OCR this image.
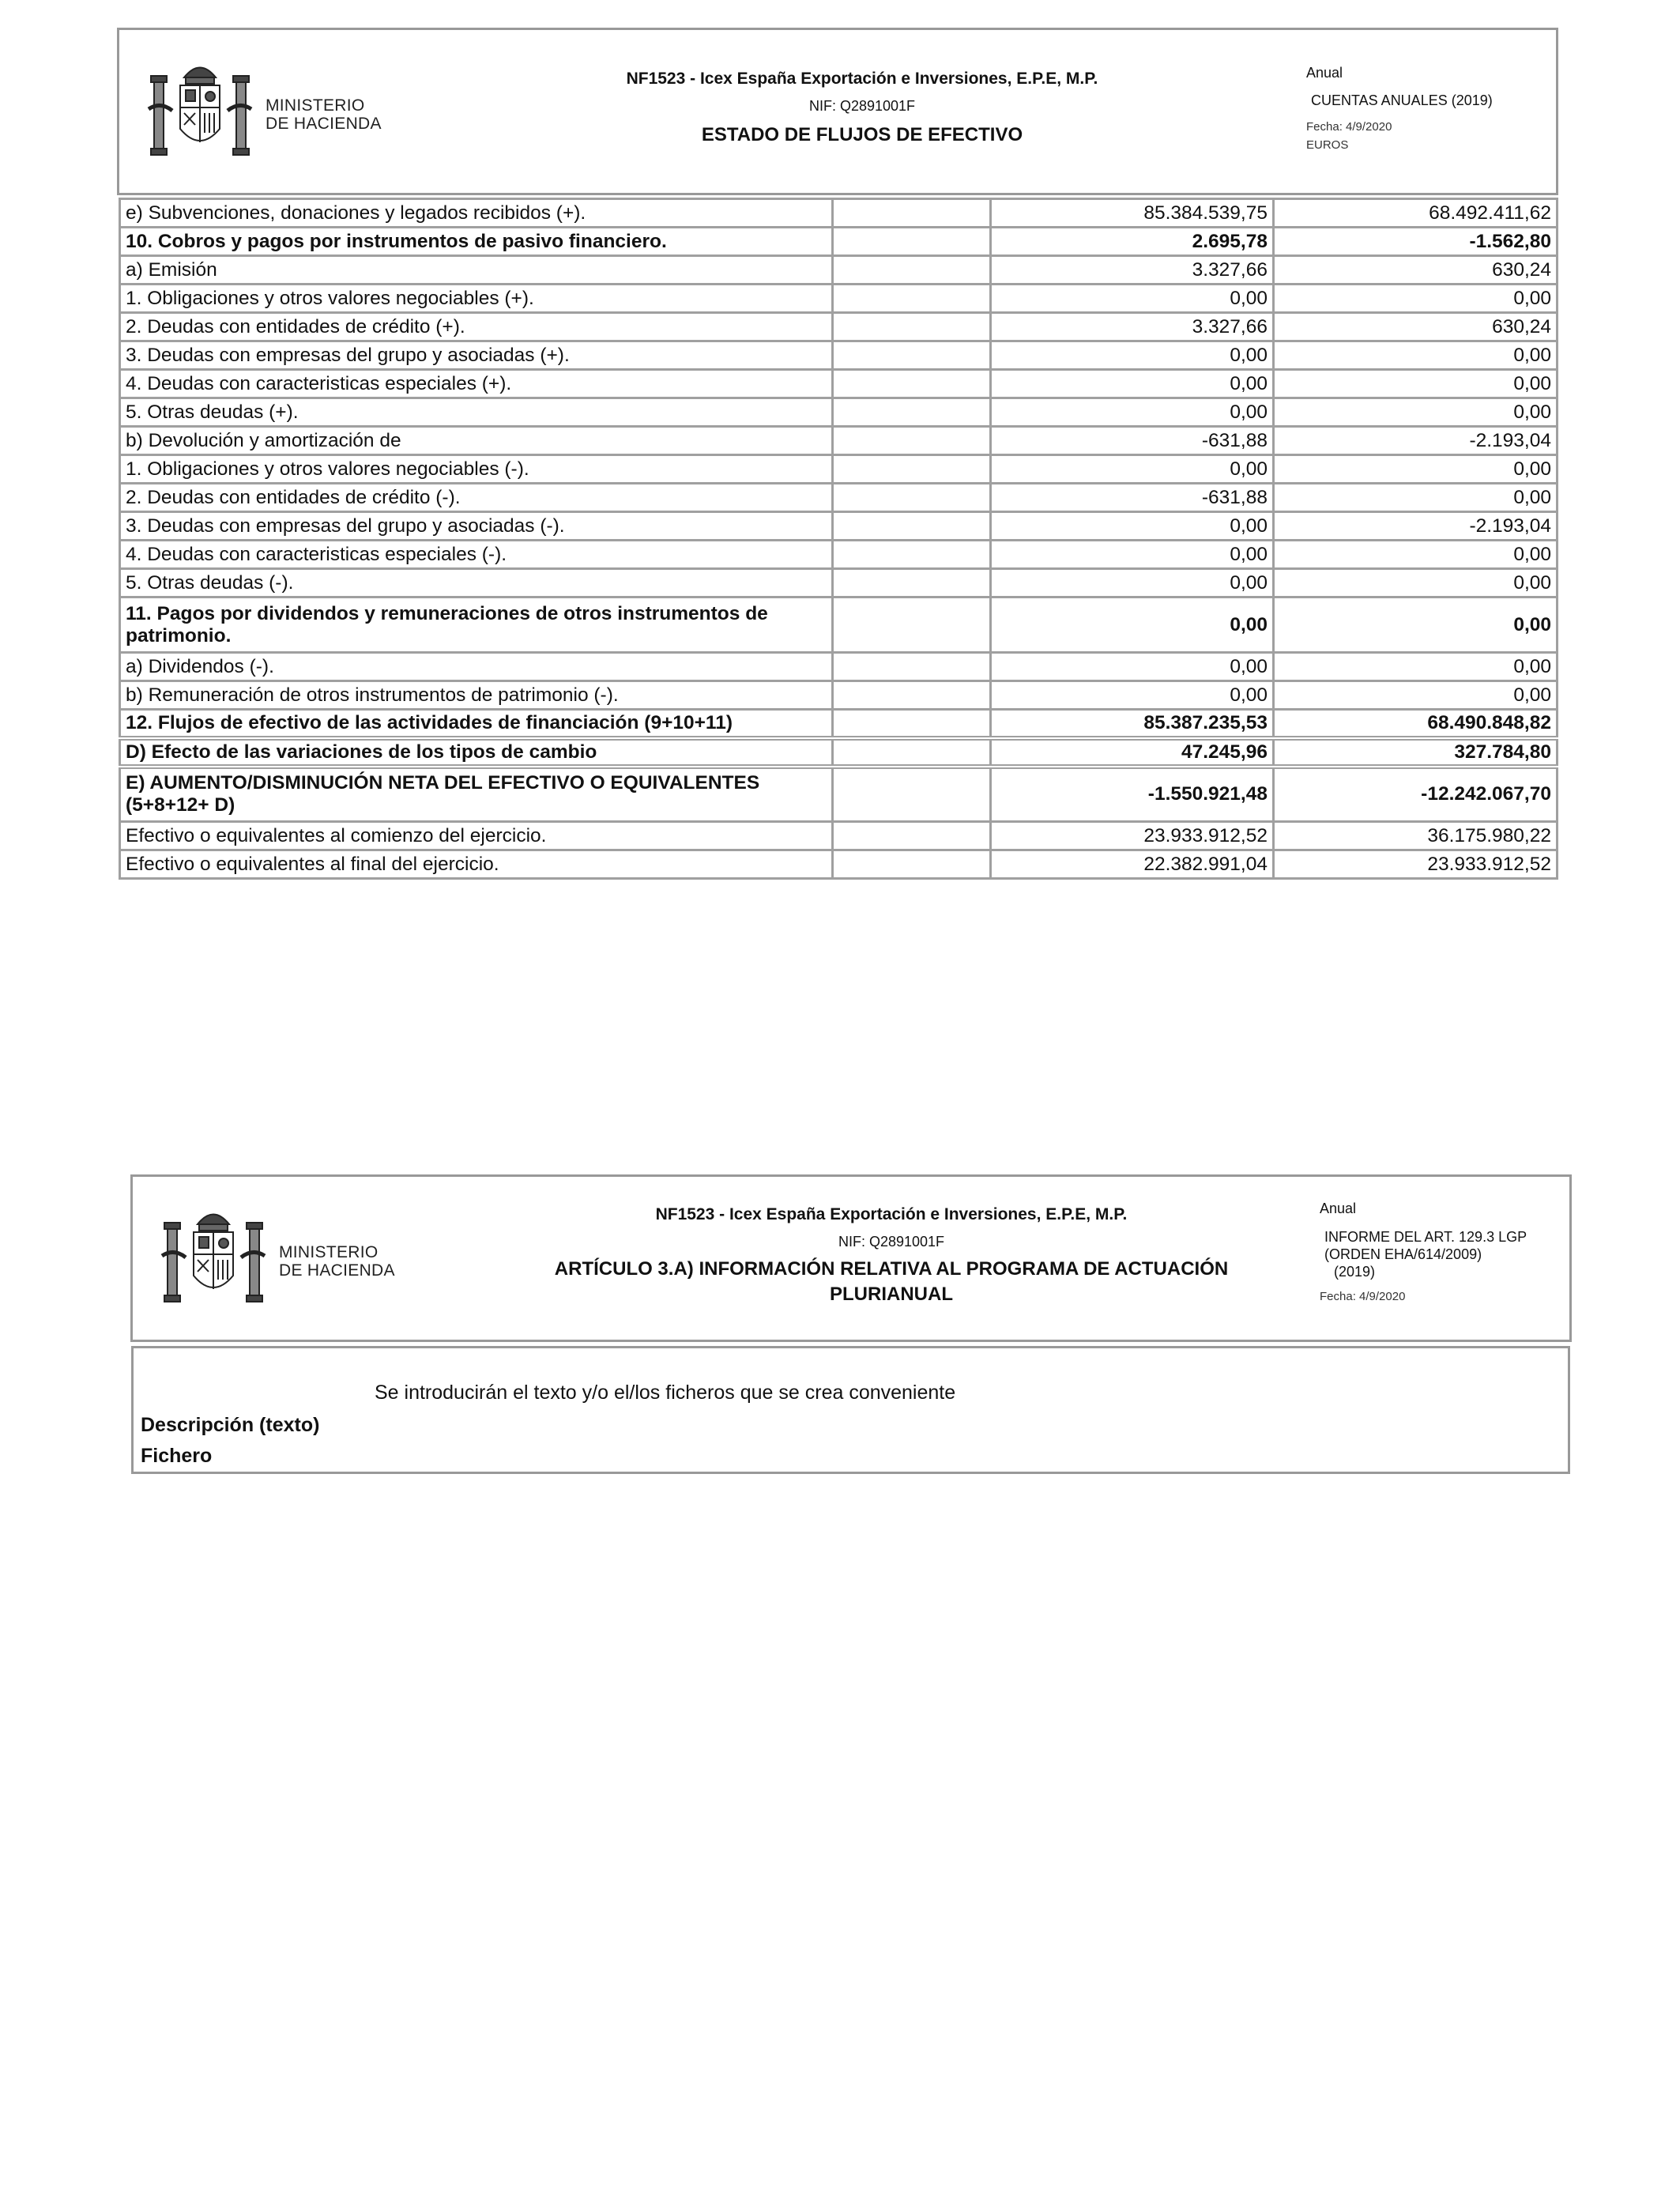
MINISTERIO
DE HACIENDA
NF1523 - Icex España Exportación e Inversiones, E.P.E, M.P.
NIF: Q2891001F
ESTADO DE FLUJOS DE EFECTIVO
Anual
CUENTAS ANUALES (2019)
Fecha: 4/9/2020
EUROS
e) Subvenciones, donaciones y legados recibidos (+).		85.384.539,75	68.492.411,62
10. Cobros y pagos por instrumentos de pasivo financiero.		2.695,78	-1.562,80
a) Emisión		3.327,66	630,24
1. Obligaciones y otros valores negociables (+).		0,00	0,00
2. Deudas con entidades de crédito (+).		3.327,66	630,24
3. Deudas con empresas del grupo y asociadas (+).		0,00	0,00
4. Deudas con caracteristicas especiales (+).		0,00	0,00
5. Otras deudas (+).		0,00	0,00
b) Devolución y amortización de		-631,88	-2.193,04
1. Obligaciones y otros valores negociables (-).		0,00	0,00
2. Deudas con entidades de crédito (-).		-631,88	0,00
3. Deudas con empresas del grupo y asociadas (-).		0,00	-2.193,04
4. Deudas con caracteristicas especiales (-).		0,00	0,00
5. Otras deudas (-).		0,00	0,00
11. Pagos por dividendos y remuneraciones de otros instrumentos de patrimonio.		0,00	0,00
a) Dividendos (-).		0,00	0,00
b) Remuneración de otros instrumentos de patrimonio (-).		0,00	0,00
12. Flujos de efectivo de las actividades de financiación (9+10+11)		85.387.235,53	68.490.848,82
D) Efecto de las variaciones de los tipos de cambio		47.245,96	327.784,80
E) AUMENTO/DISMINUCIÓN NETA DEL EFECTIVO O EQUIVALENTES (5+8+12+ D)		-1.550.921,48	-12.242.067,70
Efectivo o equivalentes al comienzo del ejercicio.		23.933.912,52	36.175.980,22
Efectivo o equivalentes al final del ejercicio.		22.382.991,04	23.933.912,52
MINISTERIO
DE HACIENDA
NF1523 - Icex España Exportación e Inversiones, E.P.E, M.P.
NIF: Q2891001F
ARTÍCULO 3.A) INFORMACIÓN RELATIVA AL PROGRAMA DE ACTUACIÓN PLURIANUAL
Anual
INFORME DEL ART. 129.3 LGP
(ORDEN EHA/614/2009)
(2019)
Fecha: 4/9/2020
Se introducirán el texto y/o el/los ficheros que se crea conveniente
Descripción (texto)
Fichero
